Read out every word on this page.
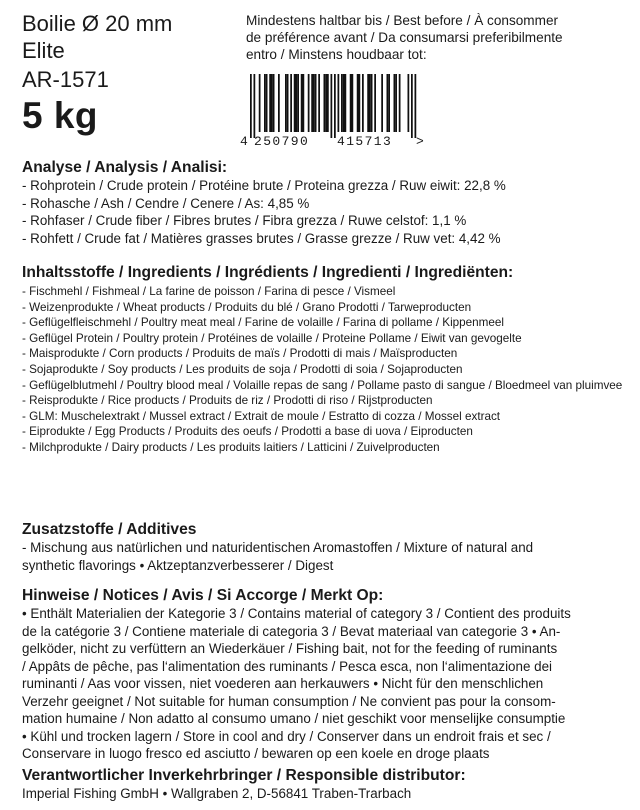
Boilie Ø 20 mm
Elite
AR-1571
5 kg
Mindestens haltbar bis / Best before / À consommer
de préférence avant / Da consumarsi preferibilmente
entro / Minstens houdbaar tot:
4 250790 415713 >
Analyse / Analysis / Analisi:
- Rohprotein / Crude protein / Protéine brute / Proteina grezza / Ruw eiwit: 22,8 %
- Rohasche / Ash / Cendre / Cenere / As: 4,85 %
- Rohfaser / Crude fiber / Fibres brutes / Fibra grezza / Ruwe celstof: 1,1 %
- Rohfett / Crude fat / Matières grasses brutes / Grasse grezze / Ruw vet: 4,42 %
Inhaltsstoffe / Ingredients / Ingrédients / Ingredienti / Ingrediënten:
- Fischmehl / Fishmeal / La farine de poisson / Farina di pesce / Vismeel
- Weizenprodukte / Wheat products / Produits du blé / Grano Prodotti / Tarweproducten
- Geflügelfleischmehl / Poultry meat meal / Farine de volaille / Farina di pollame / Kippenmeel
- Geflügel Protein / Poultry protein / Protéines de volaille / Proteine Pollame / Eiwit van gevogelte
- Maisprodukte / Corn products / Produits de maïs / Prodotti di mais / Maïsproducten
- Sojaprodukte / Soy products / Les produits de soja / Prodotti di soia / Sojaproducten
- Geflügelblutmehl / Poultry blood meal / Volaille repas de sang / Pollame pasto di sangue / Bloedmeel van pluimvee
- Reisprodukte / Rice products / Produits de riz / Prodotti di riso / Rijstproducten
- GLM: Muschelextrakt / Mussel extract / Extrait de moule / Estratto di cozza / Mossel extract
- Eiprodukte / Egg Products / Produits des oeufs / Prodotti a base di uova / Eiproducten
- Milchprodukte / Dairy products / Les produits laitiers / Latticini / Zuivelproducten
Zusatzstoffe / Additives
- Mischung aus natürlichen und naturidentischen Aromastoffen / Mixture of natural and
synthetic flavorings • Aktzeptanzverbesserer / Digest
Hinweise / Notices / Avis / Si Accorge / Merkt Op:
• Enthält Materialien der Kategorie 3 / Contains material of category 3 / Contient des produits
de la catégorie 3 / Contiene materiale di categoria 3 / Bevat materiaal van categorie 3 • An-
gelköder, nicht zu verfüttern an Wiederkäuer / Fishing bait, not for the feeding of ruminants
/ Appâts de pêche, pas l‘alimentation des ruminants / Pesca esca, non l‘alimentazione dei
ruminanti / Aas voor vissen, niet voederen aan herkauwers • Nicht für den menschlichen
Verzehr geeignet / Not suitable for human consumption / Ne convient pas pour la consom-
mation humaine / Non adatto al consumo umano / niet geschikt voor menselijke consumptie
• Kühl und trocken lagern / Store in cool and dry / Conserver dans un endroit frais et sec /
Conservare in luogo fresco ed asciutto / bewaren op een koele en droge plaats
Verantwortlicher Inverkehrbringer / Responsible distributor:
Imperial Fishing GmbH • Wallgraben 2, D-56841 Traben-Trarbach
